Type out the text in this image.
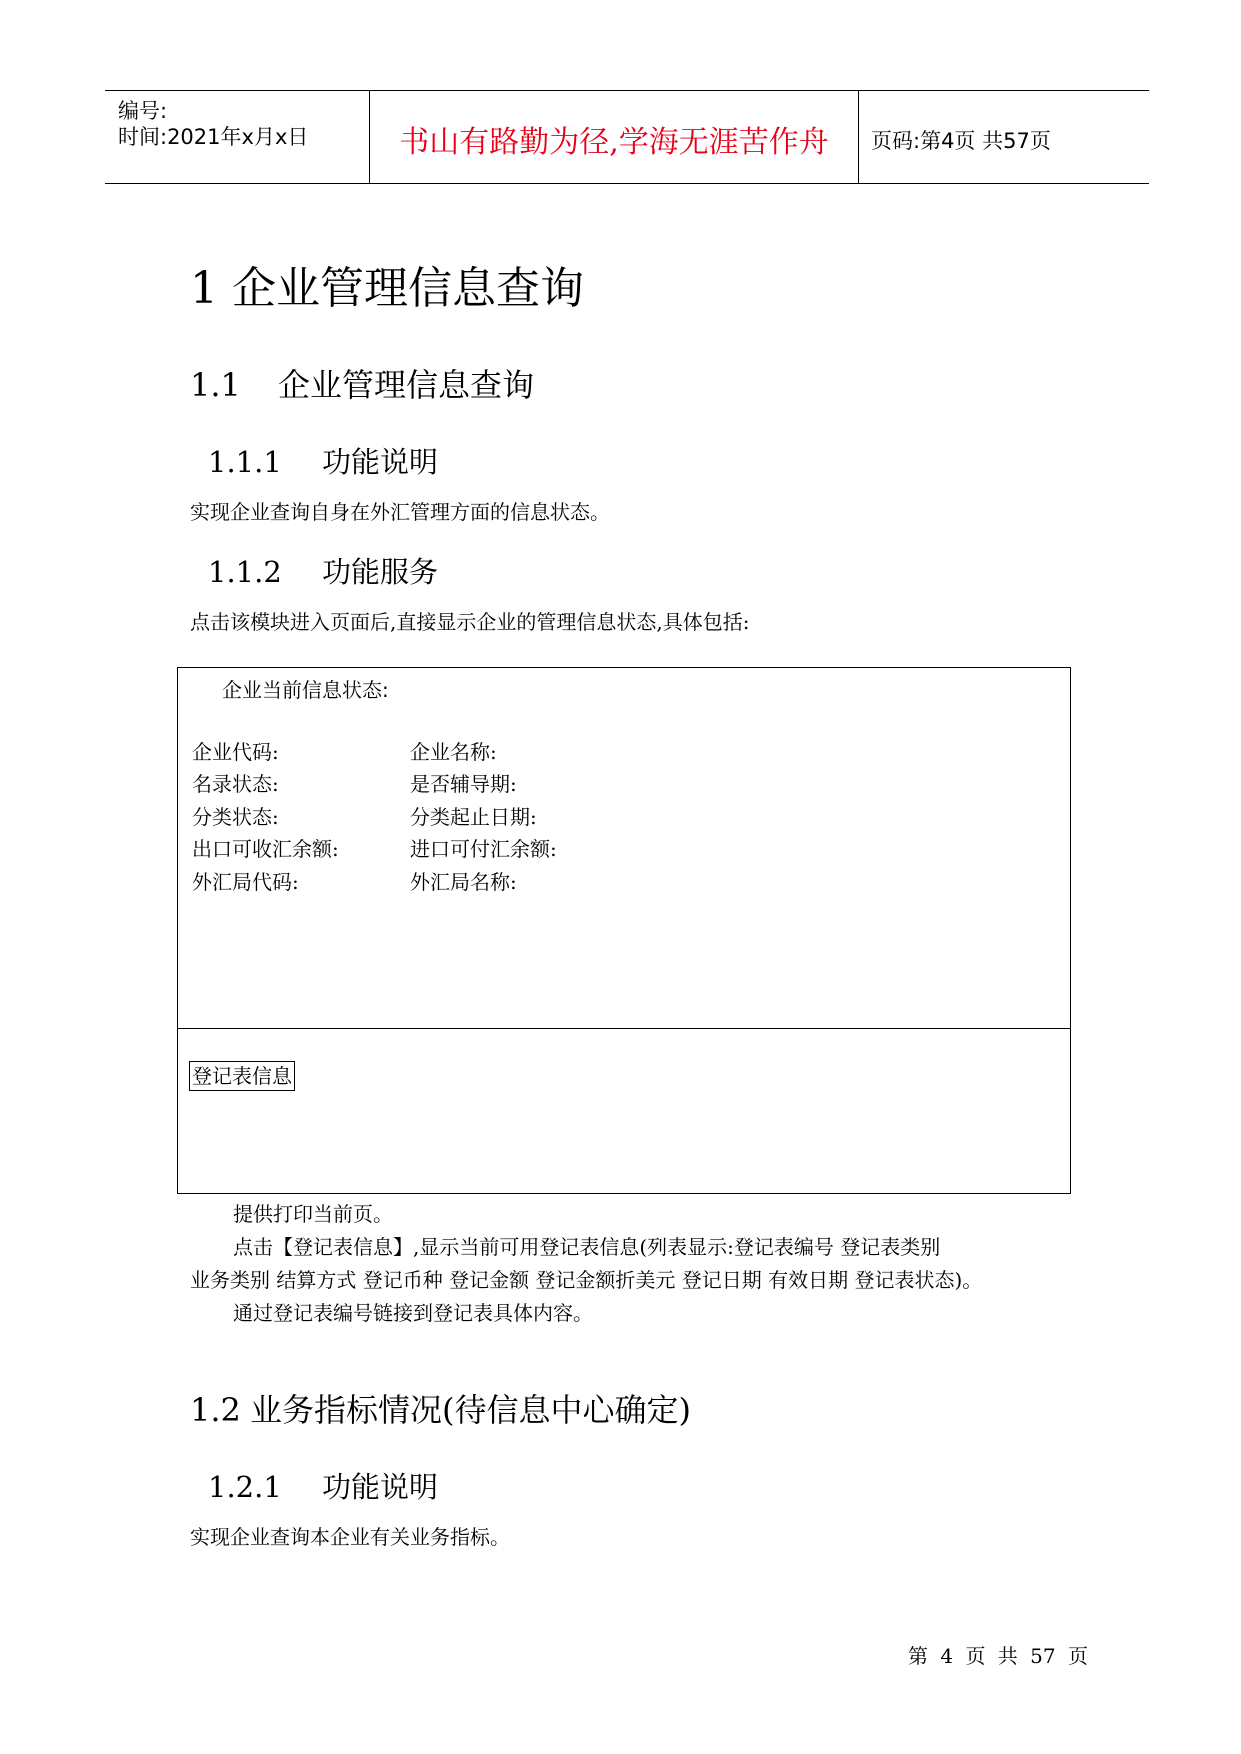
编号:
时间:2021年x月x日	书山有路勤为径,学海无涯苦作舟	页码:第4页 共57页
1 企业管理信息查询
1.1 企业管理信息查询
1.1.1 功能说明
实现企业查询自身在外汇管理方面的信息状态。
1.1.2 功能服务
点击该模块进入页面后,直接显示企业的管理信息状态,具体包括:
企业当前信息状态:
企业代码:
名录状态:
分类状态:
出口可收汇余额:
外汇局代码:
企业名称:
是否辅导期:
分类起止日期:
进口可付汇余额:
外汇局名称:
登记表信息
提供打印当前页。
点击【登记表信息】,显示当前可用登记表信息(列表显示:登记表编号 登记表类别
业务类别 结算方式 登记币种 登记金额 登记金额折美元 登记日期 有效日期 登记表状态)。
通过登记表编号链接到登记表具体内容。
1.2 业务指标情况(待信息中心确定)
1.2.1 功能说明
实现企业查询本企业有关业务指标。
第 4 页 共 57 页
